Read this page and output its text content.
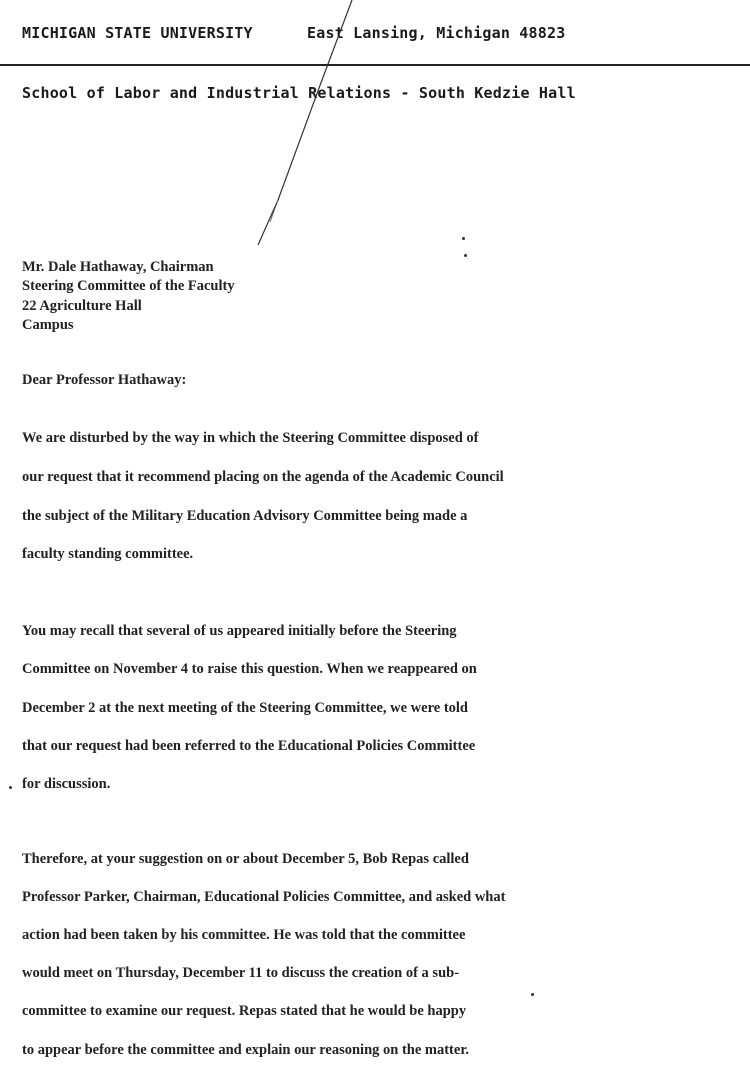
MICHIGAN STATE UNIVERSITY	East Lansing, Michigan 48823
School of Labor and Industrial Relations - South Kedzie Hall
Mr. Dale Hathaway, Chairman
Steering Committee of the Faculty
22 Agriculture Hall
Campus
Dear Professor Hathaway:
We are disturbed by the way in which the Steering Committee disposed of
our request that it recommend placing on the agenda of the Academic Council
the subject of the Military Education Advisory Committee being made a
faculty standing committee.
You may recall that several of us appeared initially before the Steering
Committee on November 4 to raise this question. When we reappeared on
December 2 at the next meeting of the Steering Committee, we were told
that our request had been referred to the Educational Policies Committee
for discussion.
Therefore, at your suggestion on or about December 5, Bob Repas called
Professor Parker, Chairman, Educational Policies Committee, and asked what
action had been taken by his committee. He was told that the committee
would meet on Thursday, December 11 to discuss the creation of a sub-
committee to examine our request. Repas stated that he would be happy
to appear before the committee and explain our reasoning on the matter.
